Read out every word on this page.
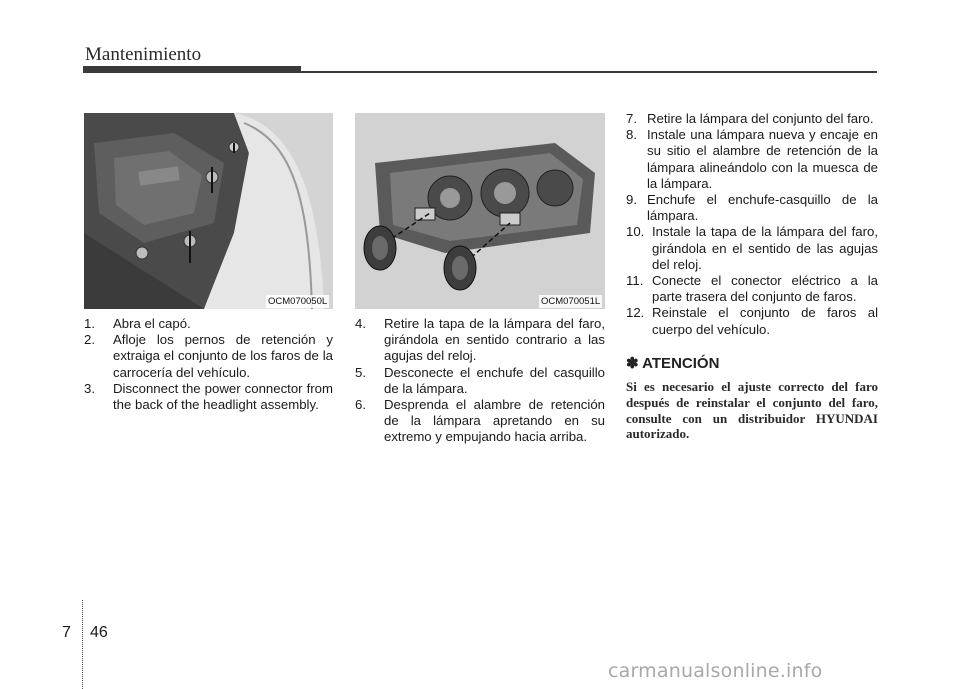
Mantenimiento
OCM070050L	OCM070051L
1. Abra el capó.
2. Afloje los pernos de retención y extraiga el conjunto de los faros de la carrocería del vehículo.
3. Disconnect the power connector from the back of the headlight assembly.
4. Retire la tapa de la lámpara del faro, girándola en sentido contrario a las agujas del reloj.
5. Desconecte el enchufe del casquillo de la lámpara.
6. Desprenda el alambre de retención de la lámpara apretando en su extremo y empujando hacia arriba.
7. Retire la lámpara del conjunto del faro.
8. Instale una lámpara nueva y encaje en su sitio el alambre de retención de la lámpara alineándolo con la muesca de la lámpara.
9. Enchufe el enchufe-casquillo de la lámpara.
10. Instale la tapa de la lámpara del faro, girándola en el sentido de las agujas del reloj.
11. Conecte el conector eléctrico a la parte trasera del conjunto de faros.
12. Reinstale el conjunto de faros al cuerpo del vehículo.
✽ ATENCIÓN
Si es necesario el ajuste correcto del faro después de reinstalar el conjunto del faro, consulte con un distribuidor HYUNDAI autorizado.
7 46
carmanualsonline.info
